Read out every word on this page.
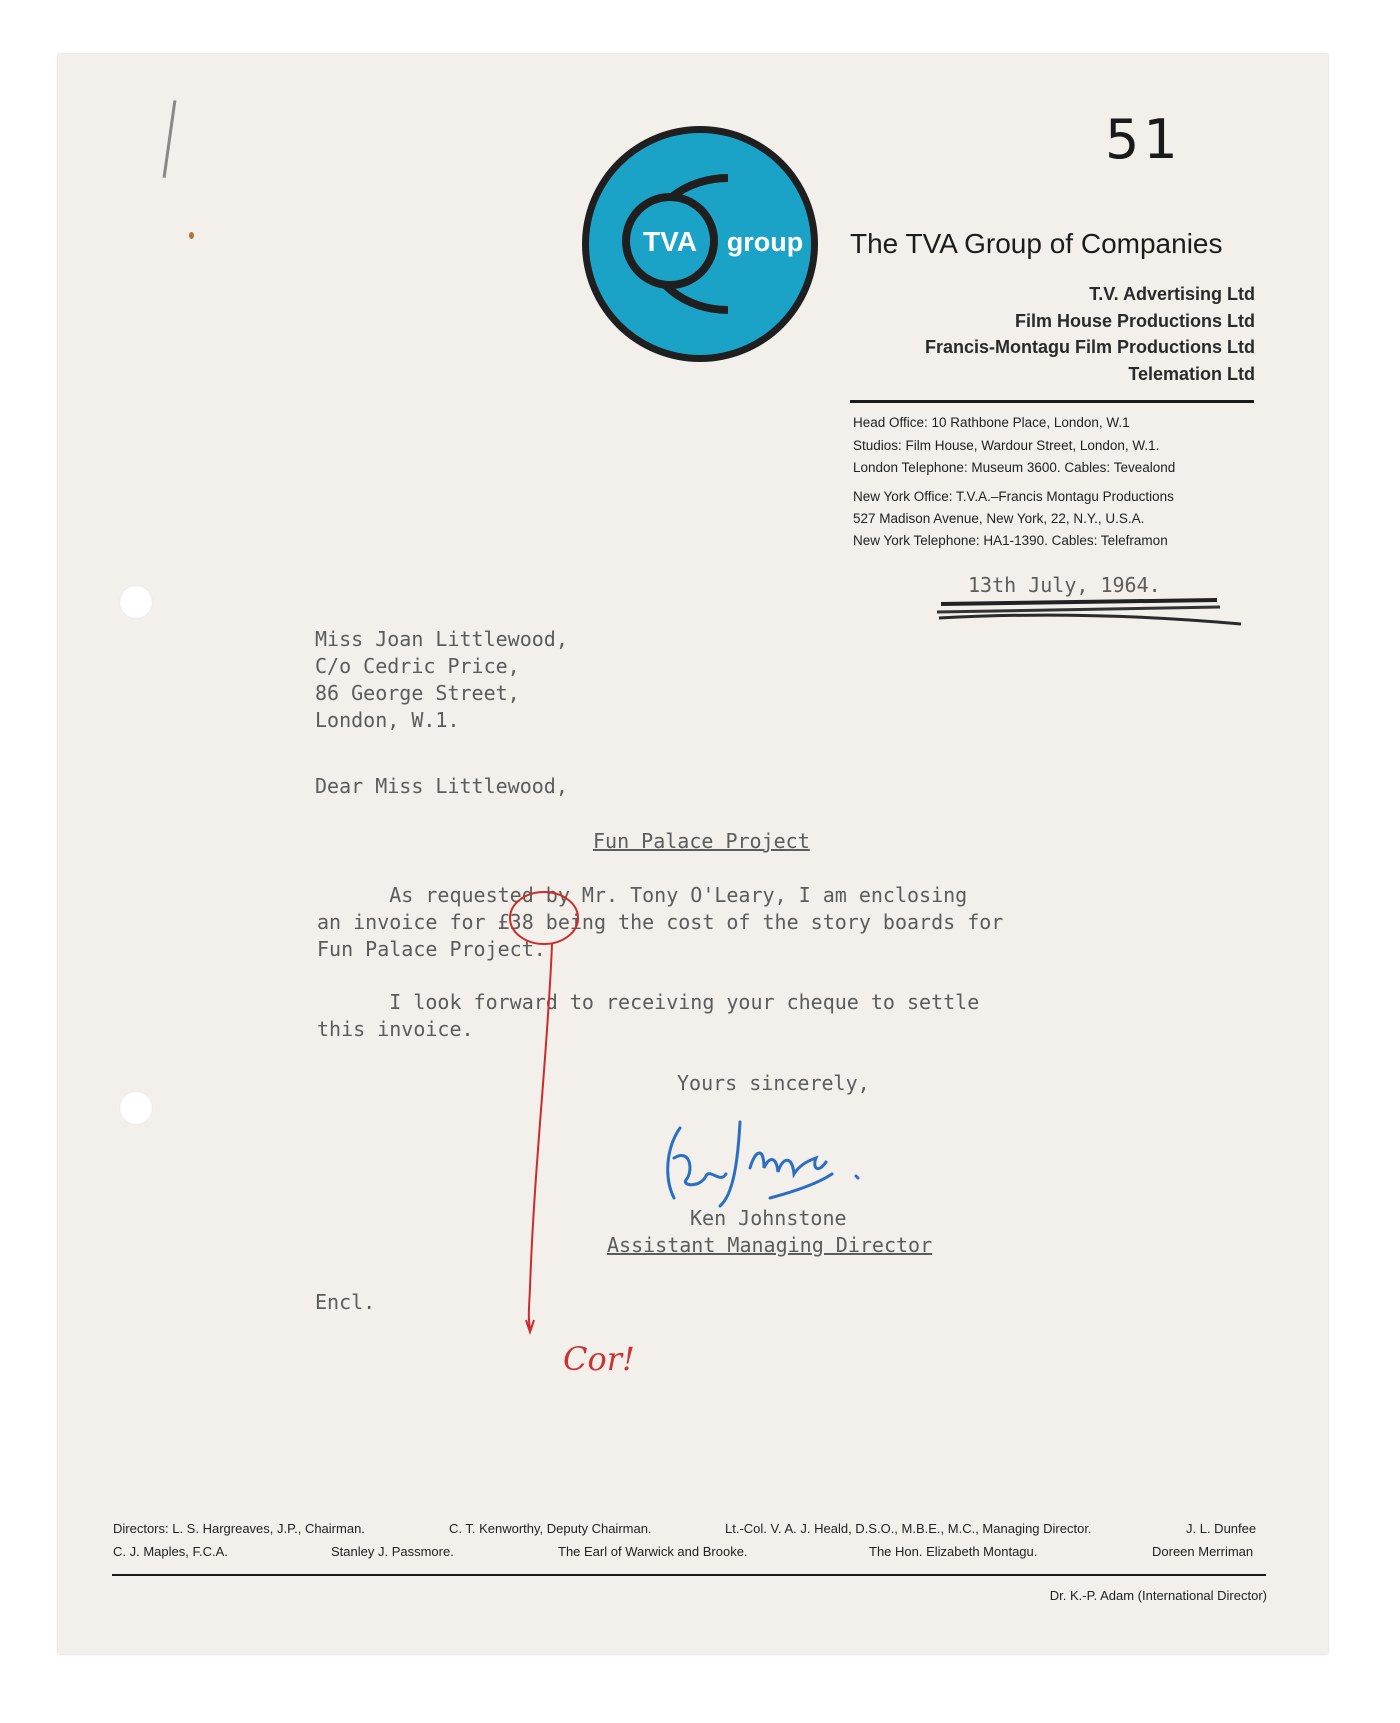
51
TVA group The TVA Group of Companies
T.V. Advertising Ltd
Film House Productions Ltd
Francis-Montagu Film Productions Ltd
Telemation Ltd
Head Office: 10 Rathbone Place, London, W.1
Studios: Film House, Wardour Street, London, W.1.
London Telephone: Museum 3600. Cables: Tevealond
New York Office: T.V.A.–Francis Montagu Productions
527 Madison Avenue, New York, 22, N.Y., U.S.A.
New York Telephone: HA1-1390. Cables: Teleframon
13th July, 1964.
Miss Joan Littlewood,
C/o Cedric Price,
86 George Street,
London, W.1.
Dear Miss Littlewood,
Fun Palace Project
As requested by Mr. Tony O'Leary, I am enclosing
an invoice for £38 being the cost of the story boards for
Fun Palace Project.
I look forward to receiving your cheque to settle
this invoice.
Yours sincerely,
Ken Johnstone
Assistant Managing Director
Encl.
Cor!
Directors: L. S. Hargreaves, J.P., Chairman.	C. T. Kenworthy, Deputy Chairman.	Lt.-Col. V. A. J. Heald, D.S.O., M.B.E., M.C., Managing Director.	J. L. Dunfee
C. J. Maples, F.C.A.	Stanley J. Passmore.	The Earl of Warwick and Brooke.	The Hon. Elizabeth Montagu.	Doreen Merriman
Dr. K.-P. Adam (International Director)
